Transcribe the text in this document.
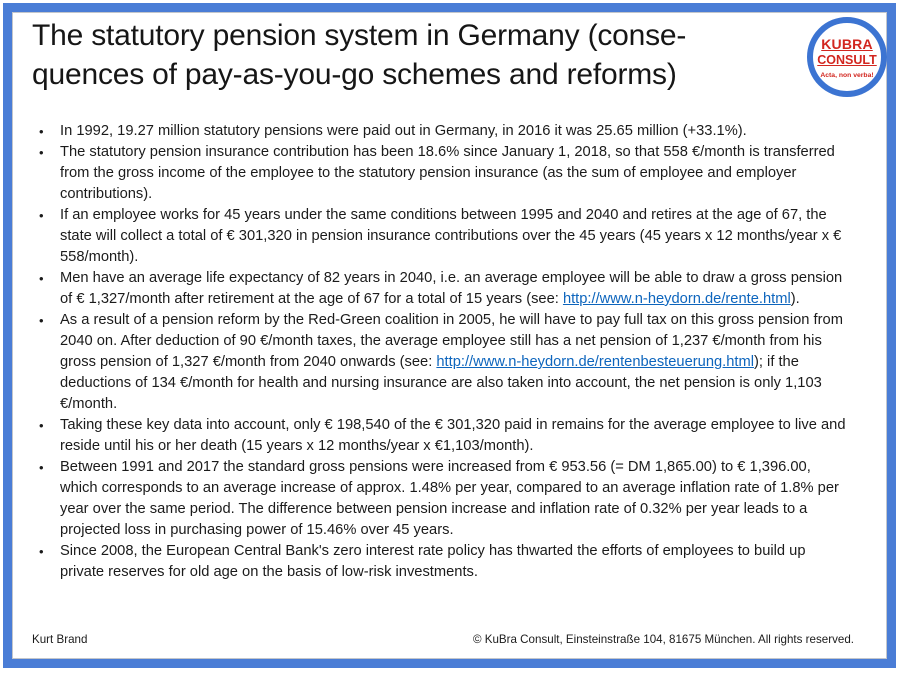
The statutory pension system in Germany (conse-
quences of pay-as-you-go schemes and reforms)
KUBRA
CONSULT
Acta, non verba!
• In 1992, 19.27 million statutory pensions were paid out in Germany, in 2016 it was 25.65 million (+33.1%).
• The statutory pension insurance contribution has been 18.6% since January 1, 2018, so that 558 €/month is transferred from the gross income of the employee to the statutory pension insurance (as the sum of employee and employer contributions).
• If an employee works for 45 years under the same conditions between 1995 and 2040 and retires at the age of 67, the state will collect a total of € 301,320 in pension insurance contributions over the 45 years (45 years x 12 months/year x € 558/month).
• Men have an average life expectancy of 82 years in 2040, i.e. an average employee will be able to draw a gross pension of € 1,327/month after retirement at the age of 67 for a total of 15 years (see: http://www.n-heydorn.de/rente.html).
• As a result of a pension reform by the Red-Green coalition in 2005, he will have to pay full tax on this gross pension from 2040 on. After deduction of 90 €/month taxes, the average employee still has a net pension of 1,237 €/month from his gross pension of 1,327 €/month from 2040 onwards (see: http://www.n-heydorn.de/rentenbesteuerung.html); if the deductions of 134 €/month for health and nursing insurance are also taken into account, the net pension is only 1,103 €/month.
• Taking these key data into account, only € 198,540 of the € 301,320 paid in remains for the average employee to live and reside until his or her death (15 years x 12 months/year x €1,103/month).
• Between 1991 and 2017 the standard gross pensions were increased from € 953.56 (= DM 1,865.00) to € 1,396.00, which corresponds to an average increase of approx. 1.48% per year, compared to an average inflation rate of 1.8% per year over the same period. The difference between pension increase and inflation rate of 0.32% per year leads to a projected loss in purchasing power of 15.46% over 45 years.
• Since 2008, the European Central Bank's zero interest rate policy has thwarted the efforts of employees to build up private reserves for old age on the basis of low-risk investments.
Kurt Brand	© KuBra Consult, Einsteinstraße 104, 81675 München. All rights reserved.
